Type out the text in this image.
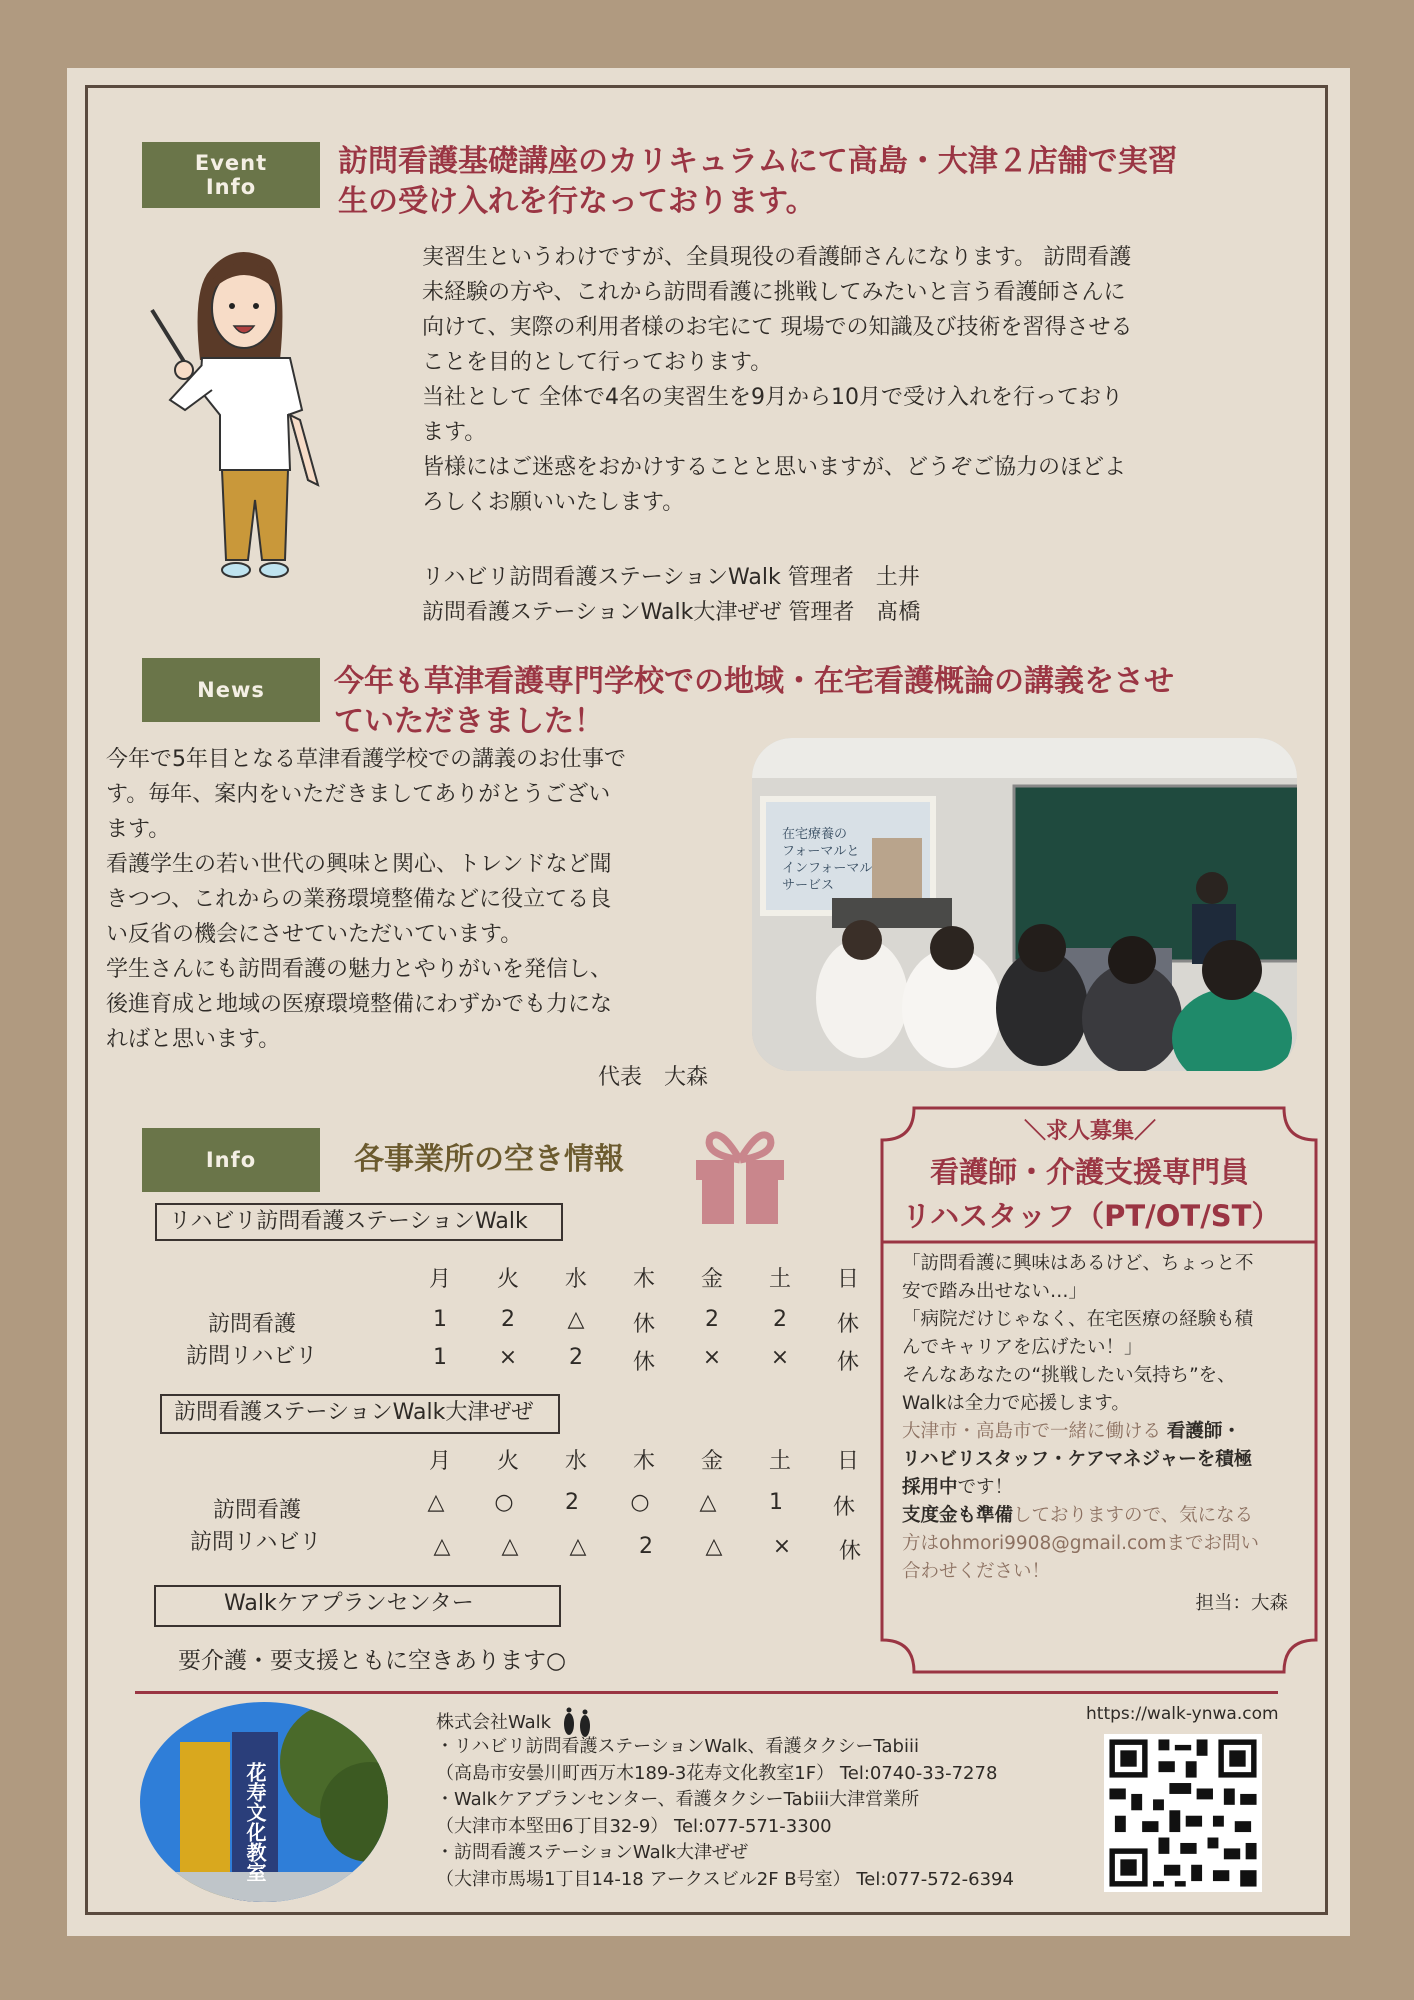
Event
Info
訪問看護基礎講座のカリキュラムにて高島・大津２店舗で実習
生の受け入れを行なっております。
実習生というわけですが、全員現役の看護師さんになります。 訪問看護
未経験の方や、これから訪問看護に挑戦してみたいと言う看護師さんに
向けて、実際の利用者様のお宅にて 現場での知識及び技術を習得させる
ことを目的として行っております。
当社として 全体で4名の実習生を9月から10月で受け入れを行っており
ます。
皆様にはご迷惑をおかけすることと思いますが、どうぞご協力のほどよ
ろしくお願いいたします。
リハビリ訪問看護ステーションWalk 管理者　土井
訪問看護ステーションWalk大津ぜぜ 管理者　髙橋
News	今年も草津看護専門学校での地域・在宅看護概論の講義をさせ
ていただきました！
今年で5年目となる草津看護学校での講義のお仕事で
す。毎年、案内をいただきましてありがとうござい
ます。
看護学生の若い世代の興味と関心、トレンドなど聞
きつつ、これからの業務環境整備などに役立てる良
い反省の機会にさせていただいています。
学生さんにも訪問看護の魅力とやりがいを発信し、
後進育成と地域の医療環境整備にわずかでも力にな
ればと思います。
代表　大森
在宅療養の フォーマルと インフォーマル サービス
Info	各事業所の空き情報
リハビリ訪問看護ステーションWalk
月	火	水	木	金	土	日
訪問看護	1	2	△	休	2	2	休
訪問リハビリ	1	×	2	休	×	×	休
訪問看護ステーションWalk大津ぜぜ
月	火	水	木	金	土	日
訪問看護	△	○	2	○	△	1	休
訪問リハビリ	△	△	△	2	△	×	休
Walkケアプランセンター
要介護・要支援ともに空きあります○
＼求人募集／
看護師・介護支援専門員
リハスタッフ（PT/OT/ST）
「訪問看護に興味はあるけど、ちょっと不
安で踏み出せない…」
「病院だけじゃなく、在宅医療の経験も積
んでキャリアを広げたい！」
そんなあなたの“挑戦したい気持ち”を、
Walkは全力で応援します。
大津市・高島市で一緒に働ける 看護師・
リハビリスタッフ・ケアマネジャーを積極
採用中です！
支度金も準備しておりますので、気になる
方はohmori9908@gmail.comまでお問い
合わせください！
担当：大森
花寿文化教室
株式会社Walk
・リハビリ訪問看護ステーションWalk、看護タクシーTabiii
（高島市安曇川町西万木189-3花寿文化教室1F） Tel:0740-33-7278
・Walkケアプランセンター、看護タクシーTabiii大津営業所
（大津市本堅田6丁目32-9） Tel:077-571-3300
・訪問看護ステーションWalk大津ぜぜ
（大津市馬場1丁目14-18 アークスビル2F B号室） Tel:077-572-6394
https://walk-ynwa.com
